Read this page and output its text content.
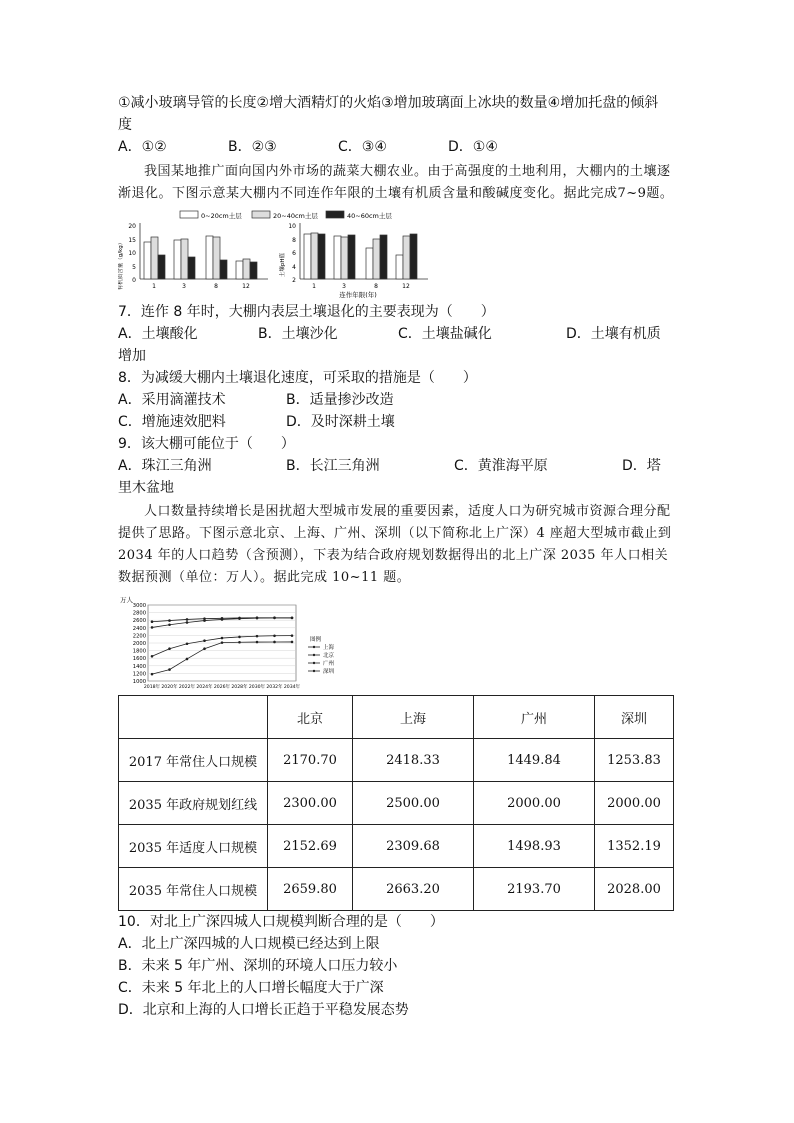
①减小玻璃导管的长度②增大酒精灯的火焰③增加玻璃面上冰块的数量④增加托盘的倾斜
度
A．①②	B．②③	C．③④	D．①④
我国某地推广面向国内外市场的蔬菜大棚农业。由于高强度的土地利用，大棚内的土壤逐渐退化。下图示意某大棚内不同连作年限的土壤有机质含量和酸碱度变化。据此完成7~9题。
0~20cm土层	20~40cm土层	40~60cm土层
有机质含量（g/kg）
20
15
10
5
0
1	3	8	12
土壤pH值
10
8
6
4
2
1	3	8	12
连作年限(年)
7．连作 8 年时，大棚内表层土壤退化的主要表现为（　　）
A．土壤酸化	B．土壤沙化	C．土壤盐碱化	D．土壤有机质
增加
8．为减缓大棚内土壤退化速度，可采取的措施是（　　）
A．采用滴灌技术	B．适量掺沙改造
C．增施速效肥料	D．及时深耕土壤
9．该大棚可能位于（　　）
A．珠江三角洲	B．长江三角洲	C．黄淮海平原	D．塔
里木盆地
人口数量持续增长是困扰超大型城市发展的重要因素，适度人口为研究城市资源合理分配提供了思路。下图示意北京、上海、广州、深圳（以下简称北上广深）4 座超大型城市截止到 2034 年的人口趋势（含预测），下表为结合政府规划数据得出的北上广深 2035 年人口相关数据预测（单位：万人）。据此完成 10~11 题。
万人
1000
1200
1400
1600
1800
2000
2200
2400
2600
2800
3000
2018年 2020年 2022年 2024年 2026年 2028年 2030年 2032年 2034年
图例
上海
北京
广州
深圳
	北京	上海	广州	深圳
2017 年常住人口规模	2170.70	2418.33	1449.84	1253.83
2035 年政府规划红线	2300.00	2500.00	2000.00	2000.00
2035 年适度人口规模	2152.69	2309.68	1498.93	1352.19
2035 年常住人口规模	2659.80	2663.20	2193.70	2028.00
10．对北上广深四城人口规模判断合理的是（　　）
A．北上广深四城的人口规模已经达到上限
B．未来 5 年广州、深圳的环境人口压力较小
C．未来 5 年北上的人口增长幅度大于广深
D．北京和上海的人口增长正趋于平稳发展态势
